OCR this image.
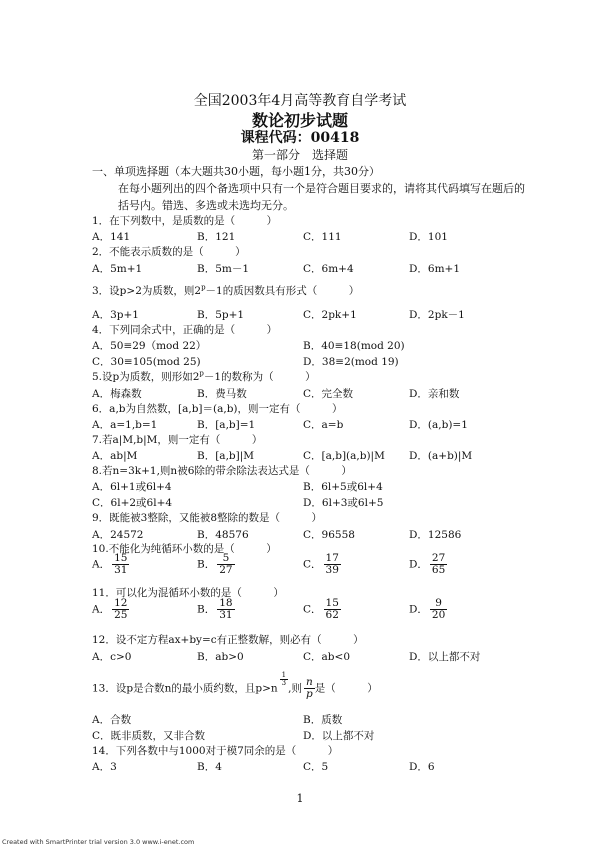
全国2003年4月高等教育自学考试
数论初步试题
课程代码：00418
第一部分　选择题
一、单项选择题（本大题共30小题，每小题1分，共30分）
在每小题列出的四个备选项中只有一个是符合题目要求的，请将其代码填写在题后的
括号内。错选、多选或未选均无分。
1．在下列数中，是质数的是（　　　）
A．141	B．121	C．111	D．101
2．不能表示质数的是（　　　）
A．5m+1	B．5m－1	C．6m+4	D．6m+1
3．设p>2为质数，则$2^p-1$的质因数具有形式（　　　）
A．3p+1	B．5p+1	C．2pk+1	D．2pk－1
4．下列同余式中，正确的是（　　　）
A．50≡29（mod 22）	B．40≡18(mod 20)
C．30≡105(mod 25)	D．38≡2(mod 19)
5.设p为质数，则形如$2^p-1$的数称为（　　　）
A．梅森数	B．费马数	C．完全数	D．亲和数
6．a,b为自然数，[a,b]＝(a,b)，则一定有（　　　）
A．a=1,b=1	B．[a,b]=1	C．a=b	D．(a,b)=1
7.若a|M,b|M，则一定有（　　　）
A．ab|M	B．[a,b]|M	C．[a,b](a,b)|M D．(a+b)|M
8.若n=3k+1,则n被6除的带余除法表达式是（　　　）
A．6l+1或6l+4	B．6l+5或6l+4
C．6l+2或6l+4	D．6l+3或6l+5
9．既能被3整除，又能被8整除的数是（　　　）
A．24572	B．48576	C．96558	D．12586
10.不能化为纯循环小数的是（　　　）
A． $\frac{15}{31}$	B． $\frac{5}{27}$	C． $\frac{17}{39}$	D． $\frac{27}{65}$
11．可以化为混循环小数的是（　　　）
A． $\frac{12}{25}$	B． $\frac{18}{31}$	C． $\frac{15}{62}$	D． $\frac{9}{20}$
12．设不定方程ax+by=c有正整数解，则必有（　　　）
A．c>0	B．ab>0	C．ab<0	D．以上都不对
13．设p是合数n的最小质约数，且p>n
$\frac{1}{3}$
,则 $\frac{n}{p}$ 是（　　　）
A．合数	B．质数
C．既非质数，又非合数	D．以上都不对
14．下列各数中与1000对于模7同余的是（　　　）
A．3	B．4	C．5	D．6
1
Created with SmartPrinter trial version 3.0 www.i-enet.com
